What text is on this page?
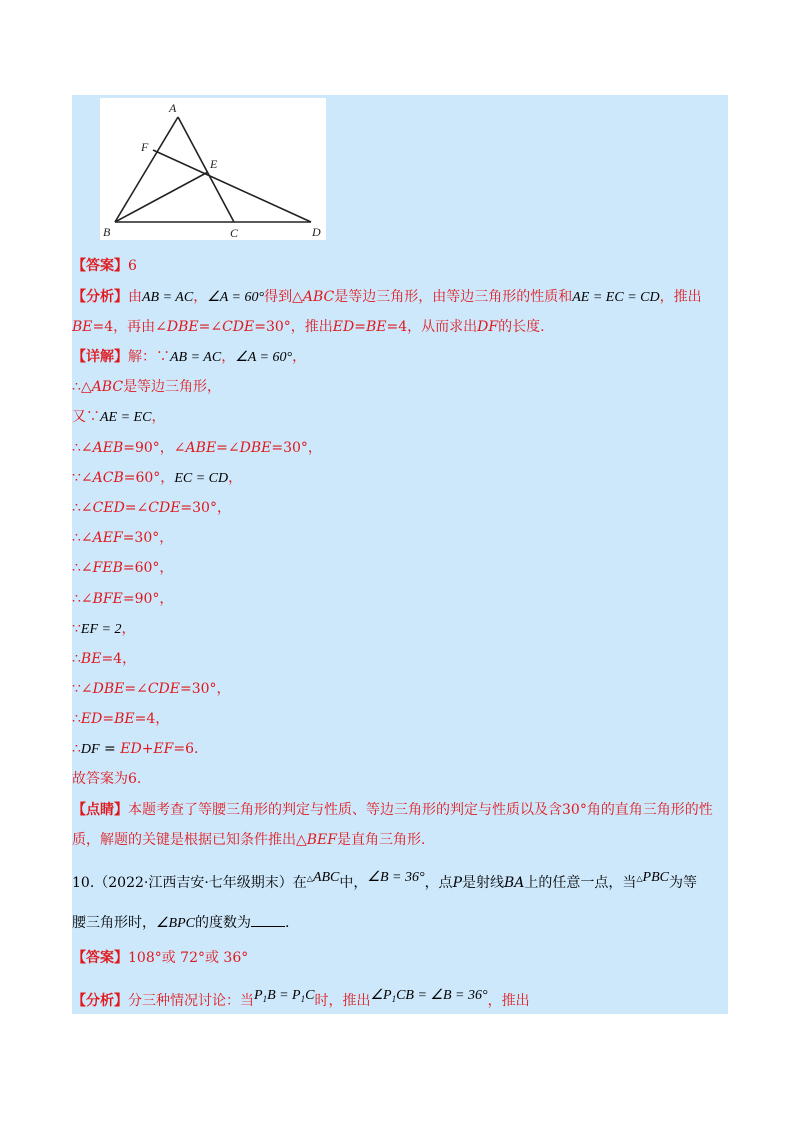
A
B	C	D
E
F
【答案】6
【分析】由AB = AC，∠A = 60°得到△ABC是等边三角形，由等边三角形的性质和AE = EC = CD，推出
BE=4，再由∠DBE=∠CDE=30°，推出ED=BE=4，从而求出DF的长度.
【详解】解：∵AB = AC，∠A = 60°，
∴△ABC是等边三角形，
又∵AE = EC，
∴∠AEB=90°，∠ABE=∠DBE=30°，
∵∠ACB=60°，EC = CD，
∴∠CED=∠CDE=30°，
∴∠AEF=30°，
∴∠FEB=60°，
∴∠BFE=90°，
∵EF = 2，
∴BE=4，
∵∠DBE=∠CDE=30°，
∴ED=BE=4，
∴DF = ED+EF=6.
故答案为6.
【点睛】本题考查了等腰三角形的判定与性质、等边三角形的判定与性质以及含30°角的直角三角形的性
质，解题的关键是根据已知条件推出△BEF是直角三角形.
10.（2022·江西吉安·七年级期末）在△ABC中，∠B = 36°，点P是射线BA上的任意一点，当△PBC为等
腰三角形时，∠BPC的度数为 .
【答案】108°或 72°或 36°
【分析】分三种情况讨论：当$P_1B = P_1C$时，推出$\angle P_1CB$ = ∠B = 36°，推出
